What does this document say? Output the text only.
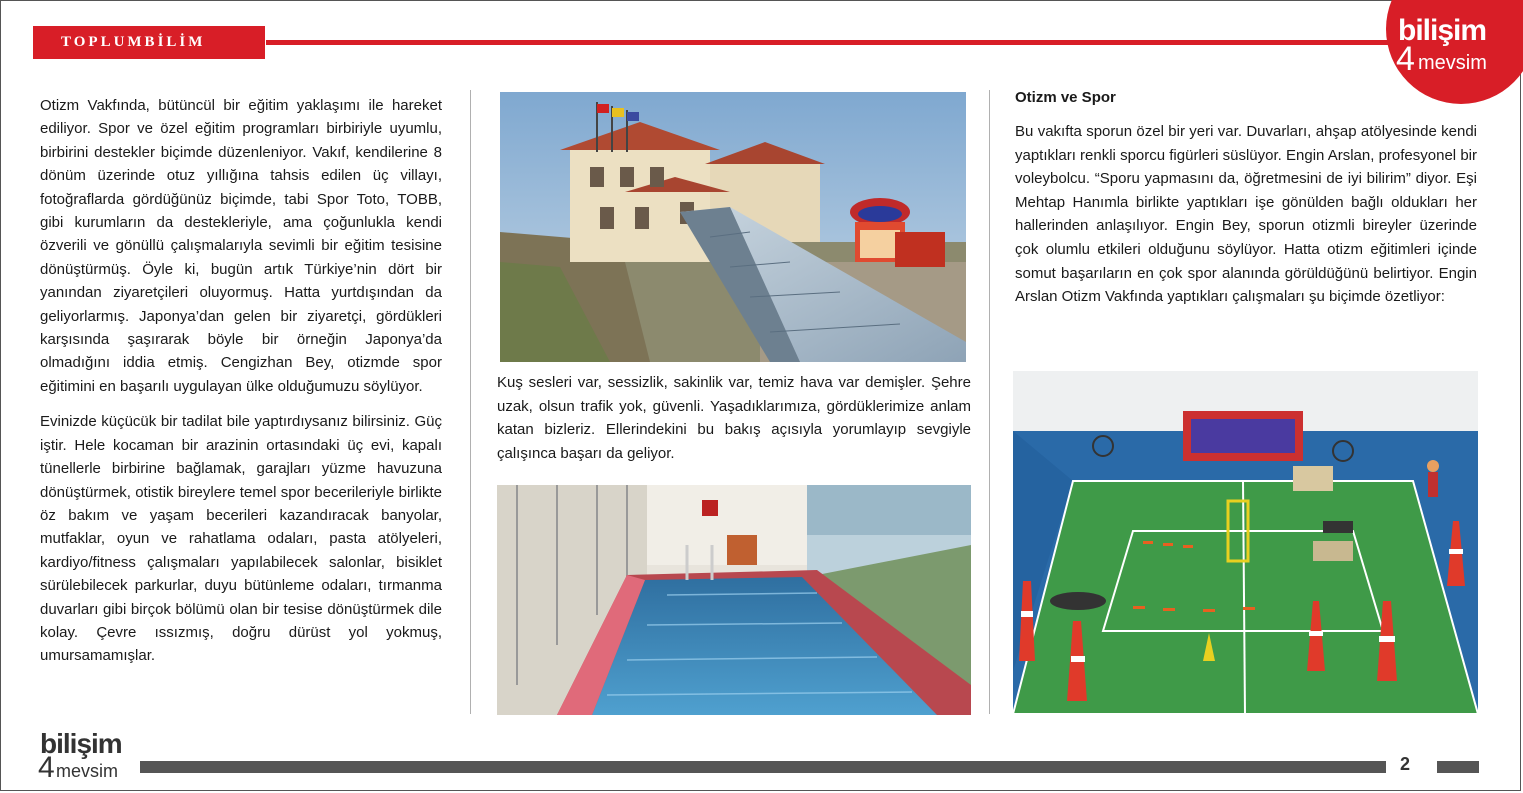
TOPLUMBİLİM	bilişim
4 mevsim

Otizm Vakfında, bütüncül bir eğitim yaklaşımı ile hareket ediliyor. Spor ve özel eğitim programları birbiriyle uyumlu, birbirini destekler biçimde düzenleniyor. Vakıf, kendilerine 8 dönüm üzerinde otuz yıllığına tahsis edilen üç villayı, fotoğraflarda gördüğünüz biçimde, tabi Spor Toto, TOBB, gibi kurumların da destekleriyle, ama çoğunlukla kendi özverili ve gönüllü çalışmalarıyla sevimli bir eğitim tesisine dönüştürmüş. Öyle ki, bugün artık Türkiye’nin dört bir yanından ziyaretçileri oluyormuş. Hatta yurtdışından da geliyorlarmış. Japonya’dan gelen bir ziyaretçi, gördükleri karşısında şaşırarak böyle bir örneğin Japonya’da olmadığını iddia etmiş. Cengizhan Bey, otizmde spor eğitimini en başarılı uygulayan ülke olduğumuzu söylüyor.

Evinizde küçücük bir tadilat bile yaptırdıysanız bilirsiniz. Güç iştir. Hele kocaman bir arazinin ortasındaki üç evi, kapalı tünellerle birbirine bağlamak, garajları yüzme havuzuna dönüştürmek, otistik bireylere temel spor becerileriyle birlikte öz bakım ve yaşam becerileri kazandıracak banyolar, mutfaklar, oyun ve rahatlama odaları, pasta atölyeleri, kardiyo/fitness çalışmaları yapılabilecek salonlar, bisiklet sürülebilecek parkurlar, duyu bütünleme odaları, tırmanma duvarları gibi birçok bölümü olan bir tesise dönüştürmek dile kolay. Çevre ıssızmış, doğru dürüst yol yokmuş, umursamamışlar.

Kuş sesleri var, sessizlik, sakinlik var, temiz hava var demişler. Şehre uzak, olsun trafik yok, güvenli. Yaşadıklarımıza, gördüklerimize anlam katan bizleriz. Ellerindekini bu bakış açısıyla yorumlayıp sevgiyle çalışınca başarı da geliyor.

Otizm ve Spor

Bu vakıfta sporun özel bir yeri var. Duvarları, ahşap atölyesinde kendi yaptıkları renkli sporcu figürleri süslüyor. Engin Arslan, profesyonel bir voleybolcu. “Sporu yapmasını da, öğretmesini de iyi bilirim” diyor. Eşi Mehtap Hanımla birlikte yaptıkları işe gönülden bağlı oldukları her hallerinden anlaşılıyor. Engin Bey, sporun otizmli bireyler üzerinde çok olumlu etkileri olduğunu söylüyor. Hatta otizm eğitimleri içinde somut başarıların en çok spor alanında görüldüğünü belirtiyor. Engin Arslan Otizm Vakfında yaptıkları çalışmaları şu biçimde özetliyor:

bilişim
4 mevsim	2
